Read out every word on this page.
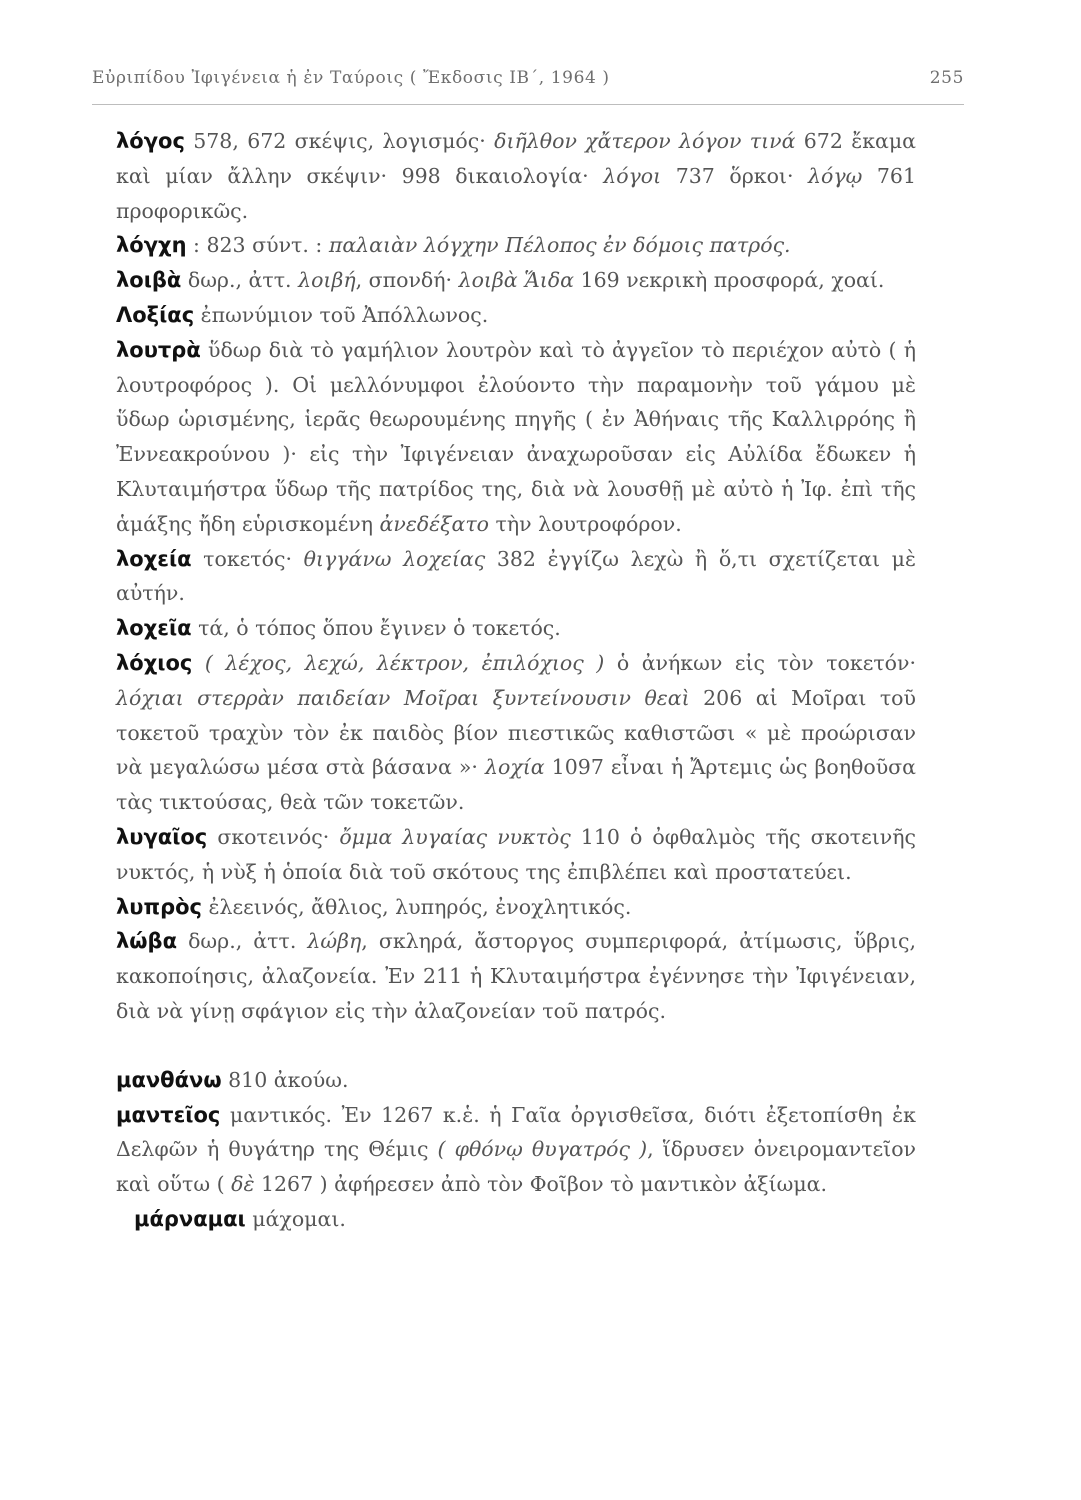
Εὐριπίδου Ἰφιγένεια ἡ ἐν Ταύροις ( Ἔκδοσις ΙΒ΄, 1964 )	255

λόγος 578, 672 σκέψις, λογισμός· διῆλθον χἄτερον λόγον τινά 672 ἔκαμα καὶ μίαν ἄλλην σκέψιν· 998 δικαιολογία· λόγοι 737 ὅρκοι· λόγῳ 761 προφορικῶς.

λόγχη : 823 σύντ. : παλαιὰν λόγχην Πέλοπος ἐν δόμοις πατρός.

λοιβὰ δωρ., ἀττ. λοιβή, σπονδή· λοιβὰ Ἅιδα 169 νεκρικὴ προσφορά, χοαί.

Λοξίας ἐπωνύμιον τοῦ Ἀπόλλωνος.

λουτρὰ ὕδωρ διὰ τὸ γαμήλιον λουτρὸν καὶ τὸ ἀγγεῖον τὸ περιέχον αὐτὸ ( ἡ λουτροφόρος ). Οἱ μελλόνυμφοι ἐλούοντο τὴν παραμονὴν τοῦ γάμου μὲ ὕδωρ ὡρισμένης, ἱερᾶς θεωρουμένης πηγῆς ( ἐν Ἀθήναις τῆς Καλλιρρόης ἢ Ἐννεακρούνου )· εἰς τὴν Ἰφιγένειαν ἀναχωροῦσαν εἰς Αὐλίδα ἔδωκεν ἡ Κλυταιμήστρα ὕδωρ τῆς πατρίδος της, διὰ νὰ λουσθῇ μὲ αὐτὸ ἡ Ἰφ. ἐπὶ τῆς ἁμάξης ἤδη εὑρισκομένη ἀνεδέξατο τὴν λουτροφόρον.

λοχεία τοκετός· θιγγάνω λοχείας 382 ἐγγίζω λεχὼ ἢ ὅ,τι σχετίζεται μὲ αὐτήν.

λοχεῖα τά, ὁ τόπος ὅπου ἔγινεν ὁ τοκετός.

λόχιος ( λέχος, λεχώ, λέκτρον, ἐπιλόχιος ) ὁ ἀνήκων εἰς τὸν τοκετόν· λόχιαι στερρὰν παιδείαν Μοῖραι ξυντείνουσιν θεαὶ 206 αἱ Μοῖραι τοῦ τοκετοῦ τραχὺν τὸν ἐκ παιδὸς βίον πιεστικῶς καθιστῶσι « μὲ προώρισαν νὰ μεγαλώσω μέσα στὰ βάσανα »· λοχία 1097 εἶναι ἡ Ἄρτεμις ὡς βοηθοῦσα τὰς τικτούσας, θεὰ τῶν τοκετῶν.

λυγαῖος σκοτεινός· ὄμμα λυγαίας νυκτὸς 110 ὁ ὀφθαλμὸς τῆς σκοτεινῆς νυκτός, ἡ νὺξ ἡ ὁποία διὰ τοῦ σκότους της ἐπιβλέπει καὶ προστατεύει.

λυπρὸς ἐλεεινός, ἄθλιος, λυπηρός, ἐνοχλητικός.

λώβα δωρ., ἀττ. λώβη, σκληρά, ἄστοργος συμπεριφορά, ἀτίμωσις, ὕβρις, κακοποίησις, ἀλαζονεία. Ἐν 211 ἡ Κλυταιμήστρα ἐγέννησε τὴν Ἰφιγένειαν, διὰ νὰ γίνῃ σφάγιον εἰς τὴν ἀλαζονείαν τοῦ πατρός.

μανθάνω 810 ἀκούω.

μαντεῖος μαντικός. Ἐν 1267 κ.ἑ. ἡ Γαῖα ὀργισθεῖσα, διότι ἐξετοπίσθη ἐκ Δελφῶν ἡ θυγάτηρ της Θέμις ( φθόνῳ θυγατρός ), ἵδρυσεν ὀνειρομαντεῖον καὶ οὕτω ( δὲ 1267 ) ἀφήρεσεν ἀπὸ τὸν Φοῖβον τὸ μαντικὸν ἀξίωμα.

μάρναμαι μάχομαι.
